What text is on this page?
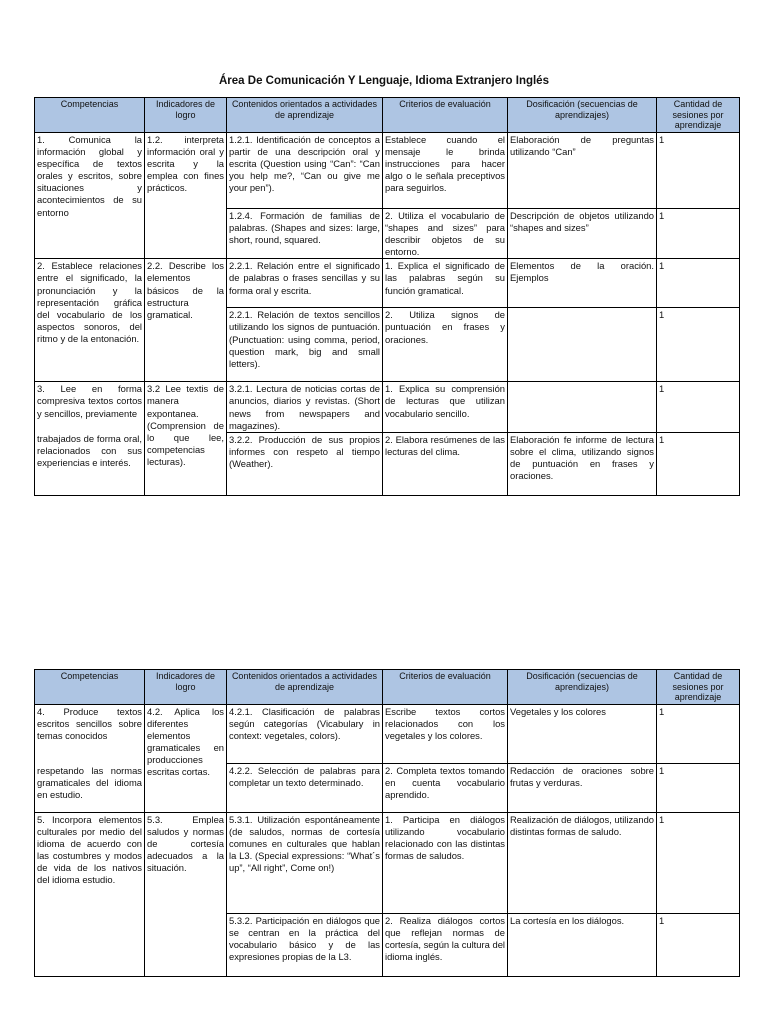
Área De Comunicación Y Lenguaje, Idioma Extranjero Inglés
Competencias	Indicadores de logro	Contenidos orientados a actividades de aprendizaje	Criterios de evaluación	Dosificación (secuencias de aprendizajes)	Cantidad de sesiones por aprendizaje
1. Comunica la información global y específica de textos orales y escritos, sobre situaciones y acontecimientos de su entorno	1.2. interpreta información oral y escrita y la emplea con fines prácticos.	1.2.1. Identificación de conceptos a partir de una descripción oral y escrita (Question using “Can”: “Can you help me?, “Can ou give me your pen”).	Establece cuando el mensaje le brinda instrucciones para hacer algo o le señala preceptivos para seguirlos.	Elaboración de preguntas utilizando “Can”	1
		1.2.4. Formación de familias de palabras. (Shapes and sizes: large, short, round, squared.	2. Utiliza el vocabulario de “shapes and sizes” para describir objetos de su entorno.	Descripción de objetos utilizando “shapes and sizes”	1
2. Establece relaciones entre el significado, la pronunciación y la representación gráfica del vocabulario de los aspectos sonoros, del ritmo y de la entonación.	2.2. Describe los elementos básicos de la estructura gramatical.	2.2.1. Relación entre el significado de palabras o frases sencillas y su forma oral y escrita.	1. Explica el significado de las palabras según su función gramatical.	Elementos de la oración. Ejemplos	1
		2.2.1. Relación de textos sencillos utilizando los signos de puntuación. (Punctuation: using comma, period, question mark, big and small letters).	2. Utiliza signos de puntuación en frases y oraciones.		1
3. Lee en forma compresiva textos cortos y sencillos, previamente	3.2 Lee textis de manera expontanea. (Comprension de lo que lee, competencias lecturas).	3.2.1. Lectura de noticias cortas de anuncios, diarios y revistas. (Short news from newspapers and magazines).	1. Explica su comprensión de lecturas que utilizan vocabulario sencillo.		1
trabajados de forma oral, relacionados con sus experiencias e interés.		3.2.2. Producción de sus propios informes con respeto al tiempo (Weather).	2. Elabora resúmenes de las lecturas del clima.	Elaboración fe informe de lectura sobre el clima, utilizando signos de puntuación en frases y oraciones.	1
Competencias	Indicadores de logro	Contenidos orientados a actividades de aprendizaje	Criterios de evaluación	Dosificación (secuencias de aprendizajes)	Cantidad de sesiones por aprendizaje
4. Produce textos escritos sencillos sobre temas conocidos	4.2. Aplica los diferentes elementos gramaticales en producciones escritas cortas.	4.2.1. Clasificación de palabras según categorías (Vicabulary in context: vegetales, colors).	Escribe textos cortos relacionados con los vegetales y los colores.	Vegetales y los colores	1
respetando las normas gramaticales del idioma en estudio.		4.2.2. Selección de palabras para completar un texto determinado.	2. Completa textos tomando en cuenta vocabulario aprendido.	Redacción de oraciones sobre frutas y verduras.	1
5. Incorpora elementos culturales por medio del idioma de acuerdo con las costumbres y modos de vida de los nativos del idioma estudio.	5.3. Emplea saludos y normas de cortesía adecuados a la situación.	5.3.1. Utilización espontáneamente (de saludos, normas de cortesía comunes en culturales que hablan la L3. (Special expressions: “What´s up”, “All right”, Come on!)	1. Participa en diálogos utilizando vocabulario relacionado con las distintas formas de saludos.	Realización de diálogos, utilizando distintas formas de saludo.	1
		5.3.2. Participación en diálogos que se centran en la práctica del vocabulario básico y de las expresiones propias de la L3.	2. Realiza diálogos cortos que reflejan normas de cortesía, según la cultura del idioma inglés.	La cortesía en los diálogos.	1
